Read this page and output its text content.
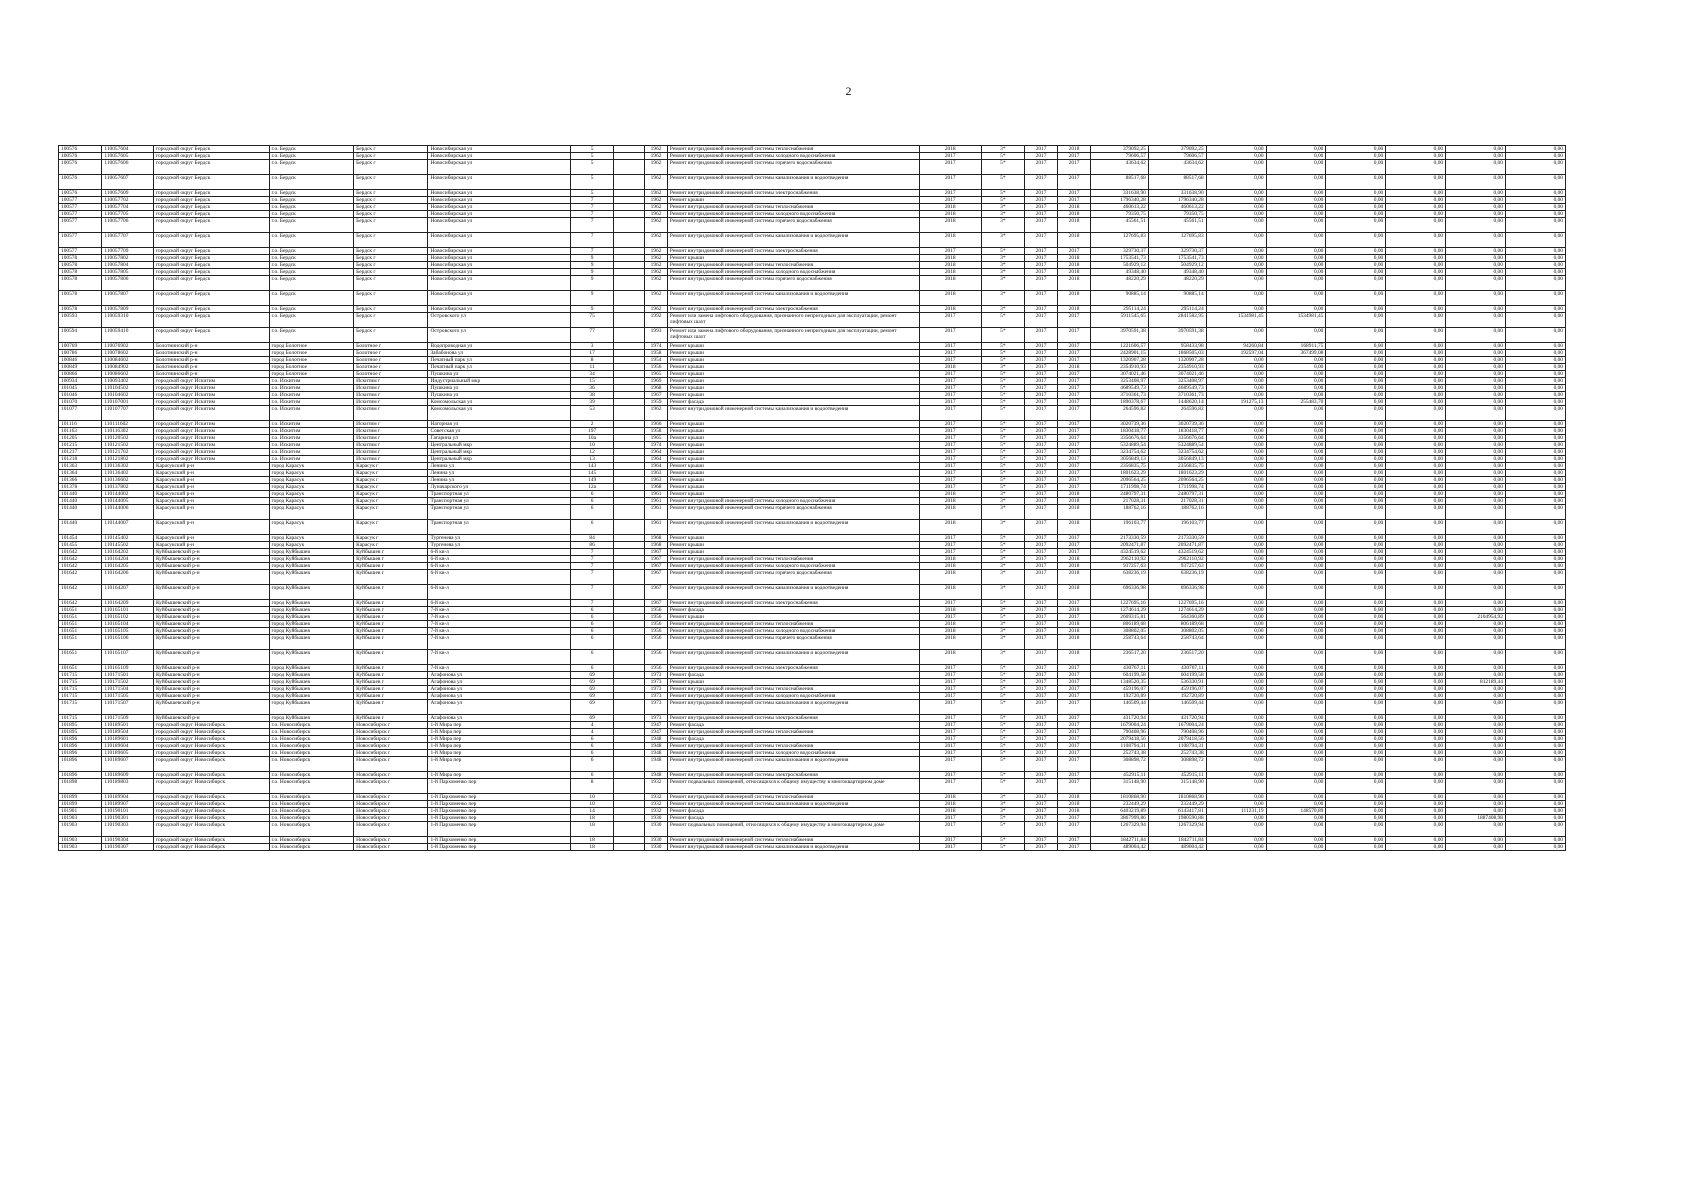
2
100576	110057604	городской округ Бердск	г.о. Бердск	Бердск г	Новосибирская ул	5		1962	Ремонт внутридомовой инженерной системы теплоснабжения	2018	3*	2017	2018	379092,25	379092,25	0,00	0,00	0,00	0,00	0,00	0,00
100576	110057605	городской округ Бердск	г.о. Бердск	Бердск г	Новосибирская ул	5		1962	Ремонт внутридомовой инженерной системы холодного водоснабжения	2017	5*	2017	2017	79606,57	79606,57	0,00	0,00	0,00	0,00	0,00	0,00
100576	110057606	городской округ Бердск	г.о. Бердск	Бердск г	Новосибирская ул	5		1962	Ремонт внутридомовой инженерной системы горячего водоснабжения	2017	5*	2017	2017	43634,62	43634,62	0,00	0,00	0,00	0,00	0,00	0,00
100576	110057607	городской округ Бердск	г.о. Бердск	Бердск г	Новосибирская ул	5		1962	Ремонт внутридомовой инженерной системы канализования и водоотведения	2017	5*	2017	2017	88517,68	88517,68	0,00	0,00	0,00	0,00	0,00	0,00
100576	110057609	городской округ Бердск	г.о. Бердск	Бердск г	Новосибирская ул	5		1962	Ремонт внутридомовой инженерной системы электроснабжения	2017	5*	2017	2017	331638,90	331638,90	0,00	0,00	0,00	0,00	0,00	0,00
100577	110057702	городской округ Бердск	г.о. Бердск	Бердск г	Новосибирская ул	7		1962	Ремонт крыши	2017	5*	2017	2017	1796340,28	1796340,28	0,00	0,00	0,00	0,00	0,00	0,00
100577	110057704	городской округ Бердск	г.о. Бердск	Бердск г	Новосибирская ул	7		1962	Ремонт внутридомовой инженерной системы теплоснабжения	2018	3*	2017	2018	460613,22	460613,22	0,00	0,00	0,00	0,00	0,00	0,00
100577	110057705	городской округ Бердск	г.о. Бердск	Бердск г	Новосибирская ул	7		1962	Ремонт внутридомовой инженерной системы холодного водоснабжения	2018	3*	2017	2018	79350,75	79350,75	0,00	0,00	0,00	0,00	0,00	0,00
100577	110057706	городской округ Бердск	г.о. Бердск	Бердск г	Новосибирская ул	7		1962	Ремонт внутридомовой инженерной системы горячего водоснабжения	2018	3*	2017	2018	45561,51	45561,51	0,00	0,00	0,00	0,00	0,00	0,00
100577	110057707	городской округ Бердск	г.о. Бердск	Бердск г	Новосибирская ул	7		1962	Ремонт внутридомовой инженерной системы канализования и водоотведения	2018	3*	2017	2018	127695,83	127695,83	0,00	0,00	0,00	0,00	0,00	0,00
100577	110057709	городской округ Бердск	г.о. Бердск	Бердск г	Новосибирская ул	7		1962	Ремонт внутридомовой инженерной системы электроснабжения	2017	5*	2017	2017	329730,37	329730,37	0,00	0,00	0,00	0,00	0,00	0,00
100578	110057802	городской округ Бердск	г.о. Бердск	Бердск г	Новосибирская ул	9		1962	Ремонт крыши	2018	3*	2017	2018	1753541,73	1753541,73	0,00	0,00	0,00	0,00	0,00	0,00
100578	110057804	городской округ Бердск	г.о. Бердск	Бердск г	Новосибирская ул	9		1962	Ремонт внутридомовой инженерной системы теплоснабжения	2018	3*	2017	2018	504929,12	504929,12	0,00	0,00	0,00	0,00	0,00	0,00
100578	110057805	городской округ Бердск	г.о. Бердск	Бердск г	Новосибирская ул	9		1962	Ремонт внутридомовой инженерной системы холодного водоснабжения	2018	3*	2017	2018	49348,40	49348,40	0,00	0,00	0,00	0,00	0,00	0,00
100578	110057806	городской округ Бердск	г.о. Бердск	Бердск г	Новосибирская ул	9		1962	Ремонт внутридомовой инженерной системы горячего водоснабжения	2018	3*	2017	2018	48220,29	48220,29	0,00	0,00	0,00	0,00	0,00	0,00
100578	110057807	городской округ Бердск	г.о. Бердск	Бердск г	Новосибирская ул	9		1962	Ремонт внутридомовой инженерной системы канализования и водоотведения	2018	3*	2017	2018	90885,14	90885,14	0,00	0,00	0,00	0,00	0,00	0,00
100578	110057809	городской округ Бердск	г.о. Бердск	Бердск г	Новосибирская ул	9		1962	Ремонт внутридомовой инженерной системы электроснабжения	2018	3*	2017	2018	295114,24	295114,24	0,00	0,00	0,00	0,00	0,00	0,00
100593	110059310	городской округ Бердск	г.о. Бердск	Бердск г	Островского ул	75		1992	Ремонт или замена лифтового оборудования, признанного непригодным для эксплуатации, ремонт лифтовых шахт	2017	5*	2017	2017	5911545,65	2841582,95	1534981,45	1534981,45	0,00	0,00	0,00	0,00
100594	110059410	городской округ Бердск	г.о. Бердск	Бердск г	Островского ул	77		1993	Ремонт или замена лифтового оборудования, признанного непригодным для эксплуатации, ремонт лифтовых шахт	2017	5*	2017	2017	3970591,38	3970591,38	0,00	0,00	0,00	0,00	0,00	0,00
100769	110076902	Болотнинский р-н	город Болотное	Болотное г	Водопроводная ул	3		1974	Ремонт крыши	2017	5*	2017	2017	1221606,57	958433,98	94260,84	168911,75	0,00	0,00	0,00	0,00
100786	110078602	Болотнинский р-н	город Болотное	Болотное г	Забабонова ул	17		1958	Ремонт крыши	2017	5*	2017	2017	2428901,15	1868505,03	192597,04	367499,08	0,00	0,00	0,00	0,00
100846	110084602	Болотнинский р-н	город Болотное	Болотное г	Печатный парк ул	8		1954	Ремонт крыши	2017	5*	2017	2017	1320907,28	1320907,28	0,00	0,00	0,00	0,00	0,00	0,00
100849	110084902	Болотнинский р-н	город Болотное	Болотное г	Печатный парк ул	11		1956	Ремонт крыши	2018	3*	2017	2018	2354910,93	2354910,93	0,00	0,00	0,00	0,00	0,00	0,00
100866	110086602	Болотнинский р-н	город Болотное	Болотное г	Пушкина ул	34		1965	Ремонт крыши	2017	5*	2017	2017	3074021,46	3074021,46	0,00	0,00	0,00	0,00	0,00	0,00
100934	110093402	городской округ Искитим	г.о. Искитим	Искитим г	Индустриальный мкр	15		1969	Ремонт крыши	2017	5*	2017	2017	3253408,97	3253408,97	0,00	0,00	0,00	0,00	0,00	0,00
101045	110104502	городской округ Искитим	г.о. Искитим	Искитим г	Пушкина ул	36		1968	Ремонт крыши	2017	5*	2017	2017	4689549,73	4689549,73	0,00	0,00	0,00	0,00	0,00	0,00
101046	110104602	городской округ Искитим	г.о. Искитим	Искитим г	Пушкина ул	38		1967	Ремонт крыши	2017	5*	2017	2017	3710361,73	3710361,73	0,00	0,00	0,00	0,00	0,00	0,00
101070	110107001	городской округ Искитим	г.о. Искитим	Искитим г	Комсомольская ул	39		1959	Ремонт фасада	2017	5*	2017	2017	1890378,67	1448620,14	191275,13	255483,70	0,00	0,00	0,00	0,00
101077	110107707	городской округ Искитим	г.о. Искитим	Искитим г	Комсомольская ул	53		1962	Ремонт внутридомовой инженерной системы канализования и водоотведения	2017	5*	2017	2017	264596,82	264596,82	0,00	0,00	0,00	0,00	0,00	0,00
101116	110111602	городской округ Искитим	г.о. Искитим	Искитим г	Нагорная ул	2		1966	Ремонт крыши	2017	5*	2017	2017	3020739,36	3020739,36	0,00	0,00	0,00	0,00	0,00	0,00
101163	110116302	городской округ Искитим	г.о. Искитим	Искитим г	Советская ул	197		1958	Ремонт крыши	2017	5*	2017	2017	1830418,77	1830418,77	0,00	0,00	0,00	0,00	0,00	0,00
101205	110120502	городской округ Искитим	г.о. Искитим	Искитим г	Гагарина ул	10а		1965	Ремонт крыши	2017	5*	2017	2017	3356676,64	3356676,64	0,00	0,00	0,00	0,00	0,00	0,00
101215	110121502	городской округ Искитим	г.о. Искитим	Искитим г	Центральный мкр	10		1974	Ремонт крыши	2017	5*	2017	2017	5324889,54	5324889,54	0,00	0,00	0,00	0,00	0,00	0,00
101217	110121702	городской округ Искитим	г.о. Искитим	Искитим г	Центральный мкр	12		1964	Ремонт крыши	2017	5*	2017	2017	3234754,62	3234754,62	0,00	0,00	0,00	0,00	0,00	0,00
101218	110121802	городской округ Искитим	г.о. Искитим	Искитим г	Центральный мкр	13		1964	Ремонт крыши	2017	5*	2017	2017	3056849,13	3056849,13	0,00	0,00	0,00	0,00	0,00	0,00
101363	110136302	Карасукский р-н	город Карасук	Карасук г	Ленина ул	143		1964	Ремонт крыши	2017	5*	2017	2017	2356835,75	2356835,75	0,00	0,00	0,00	0,00	0,00	0,00
101364	110136402	Карасукский р-н	город Карасук	Карасук г	Ленина ул	145		1963	Ремонт крыши	2017	5*	2017	2017	1801623,29	1801623,29	0,00	0,00	0,00	0,00	0,00	0,00
101366	110136602	Карасукский р-н	город Карасук	Карасук г	Ленина ул	149		1963	Ремонт крыши	2017	5*	2017	2017	2096564,25	2096564,25	0,00	0,00	0,00	0,00	0,00	0,00
101378	110137802	Карасукский р-н	город Карасук	Карасук г	Луначарского ул	12а		1968	Ремонт крыши	2017	5*	2017	2017	1711998,74	1711998,74	0,00	0,00	0,00	0,00	0,00	0,00
101440	110144002	Карасукский р-н	город Карасук	Карасук г	Транспортная ул	6		1961	Ремонт крыши	2018	3*	2017	2018	2480797,31	2480797,31	0,00	0,00	0,00	0,00	0,00	0,00
101440	110144005	Карасукский р-н	город Карасук	Карасук г	Транспортная ул	6		1961	Ремонт внутридомовой инженерной системы холодного водоснабжения	2018	3*	2017	2018	217028,31	217028,31	0,00	0,00	0,00	0,00	0,00	0,00
101440	110144006	Карасукский р-н	город Карасук	Карасук г	Транспортная ул	6		1961	Ремонт внутридомовой инженерной системы горячего водоснабжения	2018	3*	2017	2018	188762,16	188762,16	0,00	0,00	0,00	0,00	0,00	0,00
101440	110144007	Карасукский р-н	город Карасук	Карасук г	Транспортная ул	6		1961	Ремонт внутридомовой инженерной системы канализования и водоотведения	2018	3*	2017	2018	196103,77	196103,77	0,00	0,00	0,00	0,00	0,00	0,00
101454	110145402	Карасукский р-н	город Карасук	Карасук г	Тургенева ул	84		1968	Ремонт крыши	2017	5*	2017	2017	2173330,59	2173330,59	0,00	0,00	0,00	0,00	0,00	0,00
101455	110145502	Карасукский р-н	город Карасук	Карасук г	Тургенева ул	86		1968	Ремонт крыши	2017	5*	2017	2017	2092471,87	2092471,87	0,00	0,00	0,00	0,00	0,00	0,00
101642	110164202	Куйбышевский р-н	город Куйбышев	Куйбышев г	6-й кв-л	7		1967	Ремонт крыши	2017	5*	2017	2017	4324519,62	4324519,62	0,00	0,00	0,00	0,00	0,00	0,00
101642	110164204	Куйбышевский р-н	город Куйбышев	Куйбышев г	6-й кв-л	7		1967	Ремонт внутридомовой инженерной системы теплоснабжения	2018	3*	2017	2018	2962110,92	2962110,92	0,00	0,00	0,00	0,00	0,00	0,00
101642	110164205	Куйбышевский р-н	город Куйбышев	Куйбышев г	6-й кв-л	7		1967	Ремонт внутридомовой инженерной системы холодного водоснабжения	2018	3*	2017	2018	937257,63	937257,63	0,00	0,00	0,00	0,00	0,00	0,00
101642	110164206	Куйбышевский р-н	город Куйбышев	Куйбышев г	6-й кв-л	7		1967	Ремонт внутридомовой инженерной системы горячего водоснабжения	2018	3*	2017	2018	638236,19	638236,19	0,00	0,00	0,00	0,00	0,00	0,00
101642	110164207	Куйбышевский р-н	город Куйбышев	Куйбышев г	6-й кв-л	7		1967	Ремонт внутридомовой инженерной системы канализования и водоотведения	2018	3*	2017	2018	696336,98	696336,98	0,00	0,00	0,00	0,00	0,00	0,00
101642	110164209	Куйбышевский р-н	город Куйбышев	Куйбышев г	6-й кв-л	7		1967	Ремонт внутридомовой инженерной системы электроснабжения	2017	5*	2017	2017	1227695,16	1227695,16	0,00	0,00	0,00	0,00	0,00	0,00
101651	110165101	Куйбышевский р-н	город Куйбышев	Куйбышев г	7-й кв-л	6		1956	Ремонт фасада	2018	3*	2017	2018	1274614,29	1274614,29	0,00	0,00	0,00	0,00	0,00	0,00
101651	110165102	Куйбышевский р-н	город Куйбышев	Куйбышев г	7-й кв-л	6		1956	Ремонт крыши	2017	5*	2017	2017	2669315,81	564360,89	0,00	0,00	0,00	0,00	2104954,92	0,00
101651	110165104	Куйбышевский р-н	город Куйбышев	Куйбышев г	7-й кв-л	6		1956	Ремонт внутридомовой инженерной системы теплоснабжения	2018	3*	2017	2018	806189,68	806189,68	0,00	0,00	0,00	0,00	0,00	0,00
101651	110165105	Куйбышевский р-н	город Куйбышев	Куйбышев г	7-й кв-л	6		1956	Ремонт внутридомовой инженерной системы холодного водоснабжения	2018	3*	2017	2018	308802,05	308802,05	0,00	0,00	0,00	0,00	0,00	0,00
101651	110165106	Куйбышевский р-н	город Куйбышев	Куйбышев г	7-й кв-л	6		1956	Ремонт внутридомовой инженерной системы горячего водоснабжения	2018	3*	2017	2018	258743,64	258743,64	0,00	0,00	0,00	0,00	0,00	0,00
101651	110165107	Куйбышевский р-н	город Куйбышев	Куйбышев г	7-й кв-л	6		1956	Ремонт внутридомовой инженерной системы канализования и водоотведения	2018	3*	2017	2018	236517,20	236517,20	0,00	0,00	0,00	0,00	0,00	0,00
101651	110165109	Куйбышевский р-н	город Куйбышев	Куйбышев г	7-й кв-л	6		1956	Ремонт внутридомовой инженерной системы электроснабжения	2017	5*	2017	2017	430767,11	430767,11	0,00	0,00	0,00	0,00	0,00	0,00
101715	110171501	Куйбышевский р-н	город Куйбышев	Куйбышев г	Агафонова ул	69		1973	Ремонт фасада	2017	5*	2017	2017	604199,58	604199,58	0,00	0,00	0,00	0,00	0,00	0,00
101715	110171502	Куйбышевский р-н	город Куйбышев	Куйбышев г	Агафонова ул	69		1973	Ремонт крыши	2017	5*	2017	2017	1348520,35	536330,91	0,00	0,00	0,00	0,00	812189,44	0,00
101715	110171504	Куйбышевский р-н	город Куйбышев	Куйбышев г	Агафонова ул	69		1973	Ремонт внутридомовой инженерной системы теплоснабжения	2017	5*	2017	2017	459196,07	459196,07	0,00	0,00	0,00	0,00	0,00	0,00
101715	110171505	Куйбышевский р-н	город Куйбышев	Куйбышев г	Агафонова ул	69		1973	Ремонт внутридомовой инженерной системы холодного водоснабжения	2017	5*	2017	2017	192720,89	192720,89	0,00	0,00	0,00	0,00	0,00	0,00
101715	110171507	Куйбышевский р-н	город Куйбышев	Куйбышев г	Агафонова ул	69		1973	Ремонт внутридомовой инженерной системы канализования и водоотведения	2017	5*	2017	2017	146509,44	146509,44	0,00	0,00	0,00	0,00	0,00	0,00
101715	110171509	Куйбышевский р-н	город Куйбышев	Куйбышев г	Агафонова ул	69		1973	Ремонт внутридомовой инженерной системы электроснабжения	2017	5*	2017	2017	431720,94	431720,94	0,00	0,00	0,00	0,00	0,00	0,00
101895	110189501	городской округ Новосибирск	г.о. Новосибирск	Новосибирск г	1-й Мира пер	4		1947	Ремонт фасада	2017	5*	2017	2017	1679004,24	1679004,24	0,00	0,00	0,00	0,00	0,00	0,00
101895	110189504	городской округ Новосибирск	г.о. Новосибирск	Новосибирск г	1-й Мира пер	4		1947	Ремонт внутридомовой инженерной системы теплоснабжения	2017	5*	2017	2017	790408,96	790408,96	0,00	0,00	0,00	0,00	0,00	0,00
101896	110189601	городской округ Новосибирск	г.о. Новосибирск	Новосибирск г	1-й Мира пер	6		1948	Ремонт фасада	2017	5*	2017	2017	2079418,56	2079418,56	0,00	0,00	0,00	0,00	0,00	0,00
101896	110189604	городской округ Новосибирск	г.о. Новосибирск	Новосибирск г	1-й Мира пер	6		1948	Ремонт внутридомовой инженерной системы теплоснабжения	2017	5*	2017	2017	1108794,31	1108794,31	0,00	0,00	0,00	0,00	0,00	0,00
101896	110189605	городской округ Новосибирск	г.о. Новосибирск	Новосибирск г	1-й Мира пер	6		1948	Ремонт внутридомовой инженерной системы холодного водоснабжения	2017	5*	2017	2017	252743,38	252743,38	0,00	0,00	0,00	0,00	0,00	0,00
101896	110189607	городской округ Новосибирск	г.о. Новосибирск	Новосибирск г	1-й Мира пер	6		1948	Ремонт внутридомовой инженерной системы канализования и водоотведения	2017	5*	2017	2017	308898,72	308898,72	0,00	0,00	0,00	0,00	0,00	0,00
101896	110189609	городской округ Новосибирск	г.о. Новосибирск	Новосибирск г	1-й Мира пер	6		1948	Ремонт внутридомовой инженерной системы электроснабжения	2017	5*	2017	2017	452915,11	452915,11	0,00	0,00	0,00	0,00	0,00	0,00
101898	110189803	городской округ Новосибирск	г.о. Новосибирск	Новосибирск г	1-й Пархоменко пер	8		1932	Ремонт подвальных помещений, относящихся к общему имуществу в многоквартирном доме	2017	5*	2017	2017	315148,90	315148,90	0,00	0,00	0,00	0,00	0,00	0,00
101899	110189904	городской округ Новосибирск	г.о. Новосибирск	Новосибирск г	1-й Пархоменко пер	10		1932	Ремонт внутридомовой инженерной системы теплоснабжения	2018	3*	2017	2018	1810868,90	1810868,90	0,00	0,00	0,00	0,00	0,00	0,00
101899	110189907	городской округ Новосибирск	г.о. Новосибирск	Новосибирск г	1-й Пархоменко пер	10		1932	Ремонт внутридомовой инженерной системы канализования и водоотведения	2018	3*	2017	2018	232449,29	232449,29	0,00	0,00	0,00	0,00	0,00	0,00
101901	110190101	городской округ Новосибирск	г.о. Новосибирск	Новосибирск г	1-й Пархоменко пер	14		1932	Ремонт фасада	2018	3*	2017	2018	6403219,89	6143417,81	111231,19	148570,89	0,00	0,00	0,00	0,00
101903	110190301	городской округ Новосибирск	г.о. Новосибирск	Новосибирск г	1-й Пархоменко пер	18		1930	Ремонт фасада	2017	5*	2017	2017	3867999,86	1980590,88	0,00	0,00	0,00	0,00	1887408,98	0,00
101903	110190303	городской округ Новосибирск	г.о. Новосибирск	Новосибирск г	1-й Пархоменко пер	18		1930	Ремонт подвальных помещений, относящихся к общему имуществу в многоквартирном доме	2017	5*	2017	2017	1267329,94	1267329,94	0,00	0,00	0,00	0,00	0,00	0,00
101903	110190304	городской округ Новосибирск	г.о. Новосибирск	Новосибирск г	1-й Пархоменко пер	18		1930	Ремонт внутридомовой инженерной системы теплоснабжения	2017	5*	2017	2017	1842711,84	1842711,84	0,00	0,00	0,00	0,00	0,00	0,00
101903	110190307	городской округ Новосибирск	г.о. Новосибирск	Новосибирск г	1-й Пархоменко пер	18		1930	Ремонт внутридомовой инженерной системы канализования и водоотведения	2017	5*	2017	2017	489004,42	489004,42	0,00	0,00	0,00	0,00	0,00	0,00
